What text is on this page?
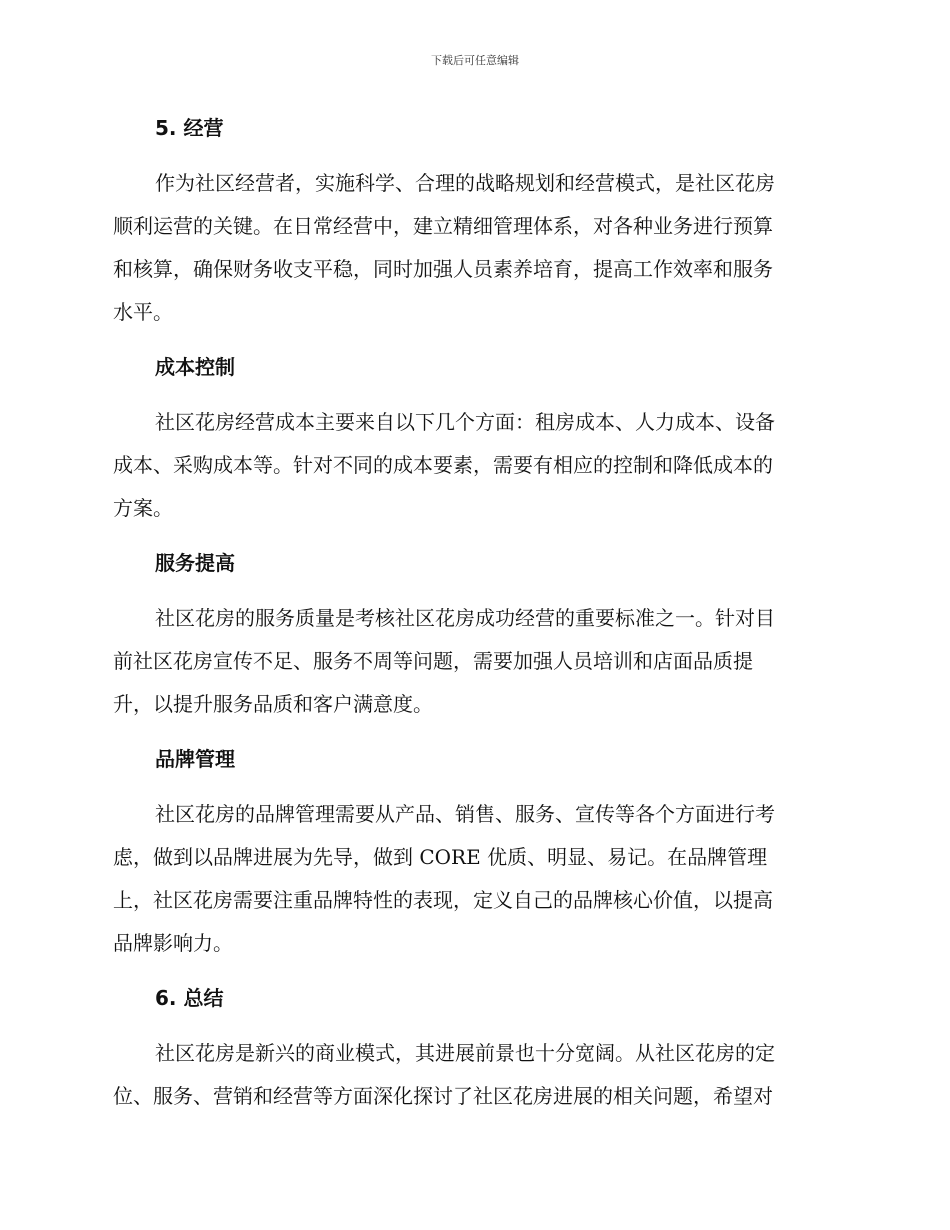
下载后可任意编辑
5. 经营

作为社区经营者，实施科学、合理的战略规划和经营模式，是社区花房
顺利运营的关键。在日常经营中，建立精细管理体系，对各种业务进行预算
和核算，确保财务收支平稳，同时加强人员素养培育，提高工作效率和服务
水平。

成本控制

社区花房经营成本主要来自以下几个方面：租房成本、人力成本、设备
成本、采购成本等。针对不同的成本要素，需要有相应的控制和降低成本的
方案。

服务提高

社区花房的服务质量是考核社区花房成功经营的重要标准之一。针对目
前社区花房宣传不足、服务不周等问题，需要加强人员培训和店面品质提
升，以提升服务品质和客户满意度。

品牌管理

社区花房的品牌管理需要从产品、销售、服务、宣传等各个方面进行考
虑，做到以品牌进展为先导，做到 CORE 优质、明显、易记。在品牌管理
上，社区花房需要注重品牌特性的表现，定义自己的品牌核心价值，以提高
品牌影响力。

6. 总结

社区花房是新兴的商业模式，其进展前景也十分宽阔。从社区花房的定
位、服务、营销和经营等方面深化探讨了社区花房进展的相关问题，希望对
